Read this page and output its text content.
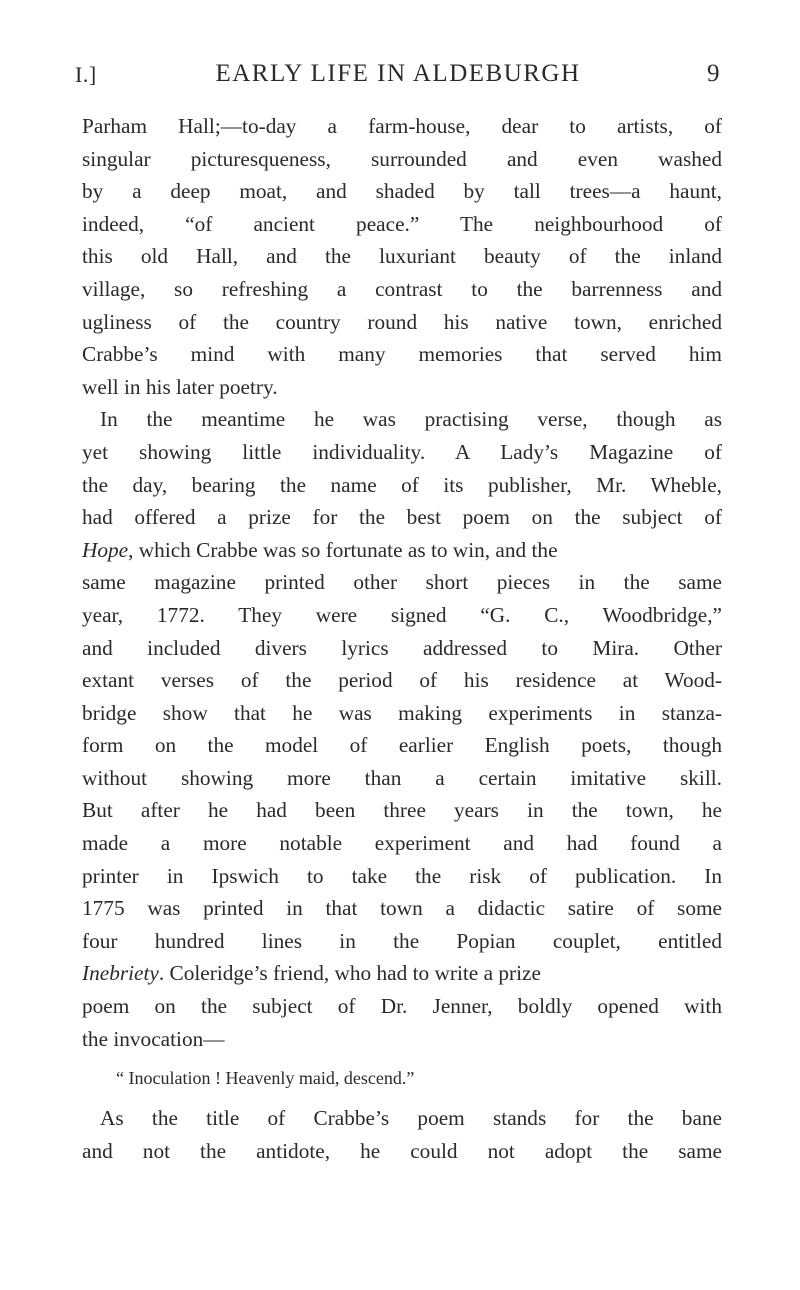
I.]	EARLY LIFE IN ALDEBURGH	9
Parham Hall;—to-day a farm-house, dear to artists, of
singular picturesqueness, surrounded and even washed
by a deep moat, and shaded by tall trees—a haunt,
indeed, “of ancient peace.” The neighbourhood of
this old Hall, and the luxuriant beauty of the inland
village, so refreshing a contrast to the barrenness and
ugliness of the country round his native town, enriched
Crabbe’s mind with many memories that served him
well in his later poetry.
In the meantime he was practising verse, though as
yet showing little individuality. A Lady’s Magazine of
the day, bearing the name of its publisher, Mr. Wheble,
had offered a prize for the best poem on the subject of
Hope, which Crabbe was so fortunate as to win, and the
same magazine printed other short pieces in the same
year, 1772. They were signed “G. C., Woodbridge,”
and included divers lyrics addressed to Mira. Other
extant verses of the period of his residence at Wood-
bridge show that he was making experiments in stanza-
form on the model of earlier English poets, though
without showing more than a certain imitative skill.
But after he had been three years in the town, he
made a more notable experiment and had found a
printer in Ipswich to take the risk of publication. In
1775 was printed in that town a didactic satire of some
four hundred lines in the Popian couplet, entitled
Inebriety. Coleridge’s friend, who had to write a prize
poem on the subject of Dr. Jenner, boldly opened with
the invocation—
“ Inoculation ! Heavenly maid, descend.”
As the title of Crabbe’s poem stands for the bane
and not the antidote, he could not adopt the same
